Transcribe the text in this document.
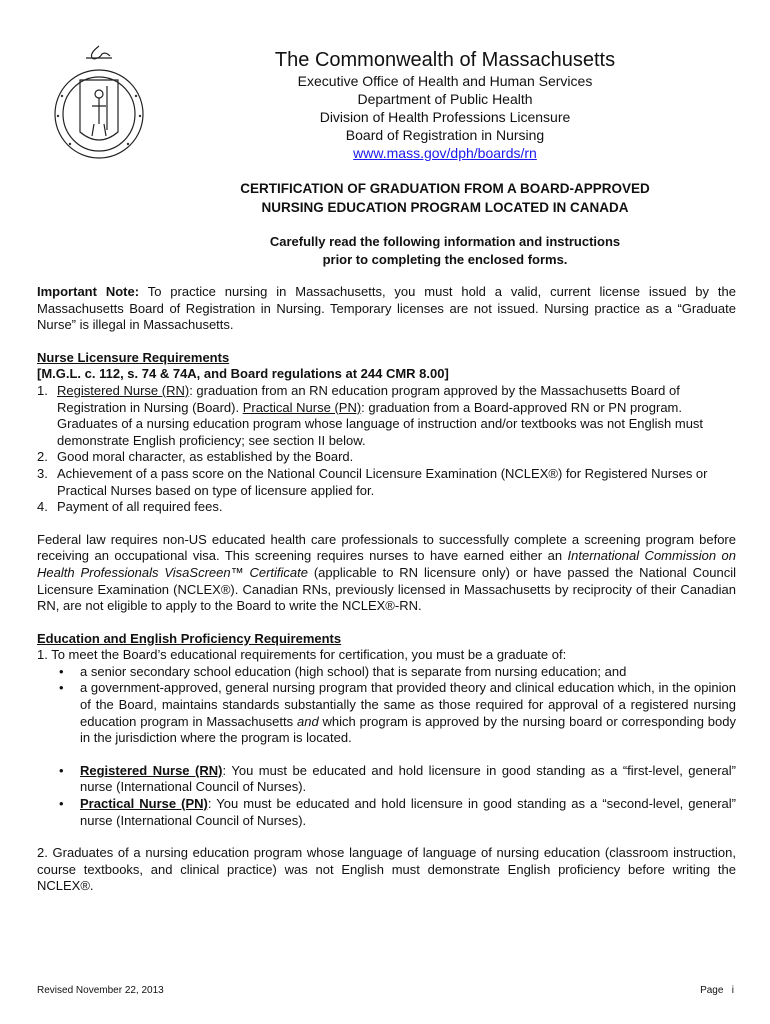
The Commonwealth of Massachusetts
Executive Office of Health and Human Services
Department of Public Health
Division of Health Professions Licensure
Board of Registration in Nursing
www.mass.gov/dph/boards/rn
CERTIFICATION OF GRADUATION FROM A BOARD-APPROVED
NURSING EDUCATION PROGRAM LOCATED IN CANADA
Carefully read the following information and instructions
prior to completing the enclosed forms.

Important Note: To practice nursing in Massachusetts, you must hold a valid, current license issued by the Massachusetts Board of Registration in Nursing. Temporary licenses are not issued. Nursing practice as a “Graduate Nurse” is illegal in Massachusetts.

Nurse Licensure Requirements
[M.G.L. c. 112, s. 74 & 74A, and Board regulations at 244 CMR 8.00]
1. Registered Nurse (RN): graduation from an RN education program approved by the Massachusetts Board of Registration in Nursing (Board). Practical Nurse (PN): graduation from a Board-approved RN or PN program. Graduates of a nursing education program whose language of instruction and/or textbooks was not English must demonstrate English proficiency; see section II below.
2. Good moral character, as established by the Board.
3. Achievement of a pass score on the National Council Licensure Examination (NCLEX®) for Registered Nurses or Practical Nurses based on type of licensure applied for.
4. Payment of all required fees.

Federal law requires non-US educated health care professionals to successfully complete a screening program before receiving an occupational visa. This screening requires nurses to have earned either an International Commission on Health Professionals VisaScreen™ Certificate (applicable to RN licensure only) or have passed the National Council Licensure Examination (NCLEX®). Canadian RNs, previously licensed in Massachusetts by reciprocity of their Canadian RN, are not eligible to apply to the Board to write the NCLEX®-RN.

Education and English Proficiency Requirements
1. To meet the Board’s educational requirements for certification, you must be a graduate of:
• a senior secondary school education (high school) that is separate from nursing education; and
• a government-approved, general nursing program that provided theory and clinical education which, in the opinion of the Board, maintains standards substantially the same as those required for approval of a registered nursing education program in Massachusetts and which program is approved by the nursing board or corresponding body in the jurisdiction where the program is located.
• Registered Nurse (RN): You must be educated and hold licensure in good standing as a “first-level, general” nurse (International Council of Nurses).
• Practical Nurse (PN): You must be educated and hold licensure in good standing as a “second-level, general” nurse (International Council of Nurses).

2. Graduates of a nursing education program whose language of language of nursing education (classroom instruction, course textbooks, and clinical practice) was not English must demonstrate English proficiency before writing the NCLEX®.

Revised November 22, 2013	Page   i
